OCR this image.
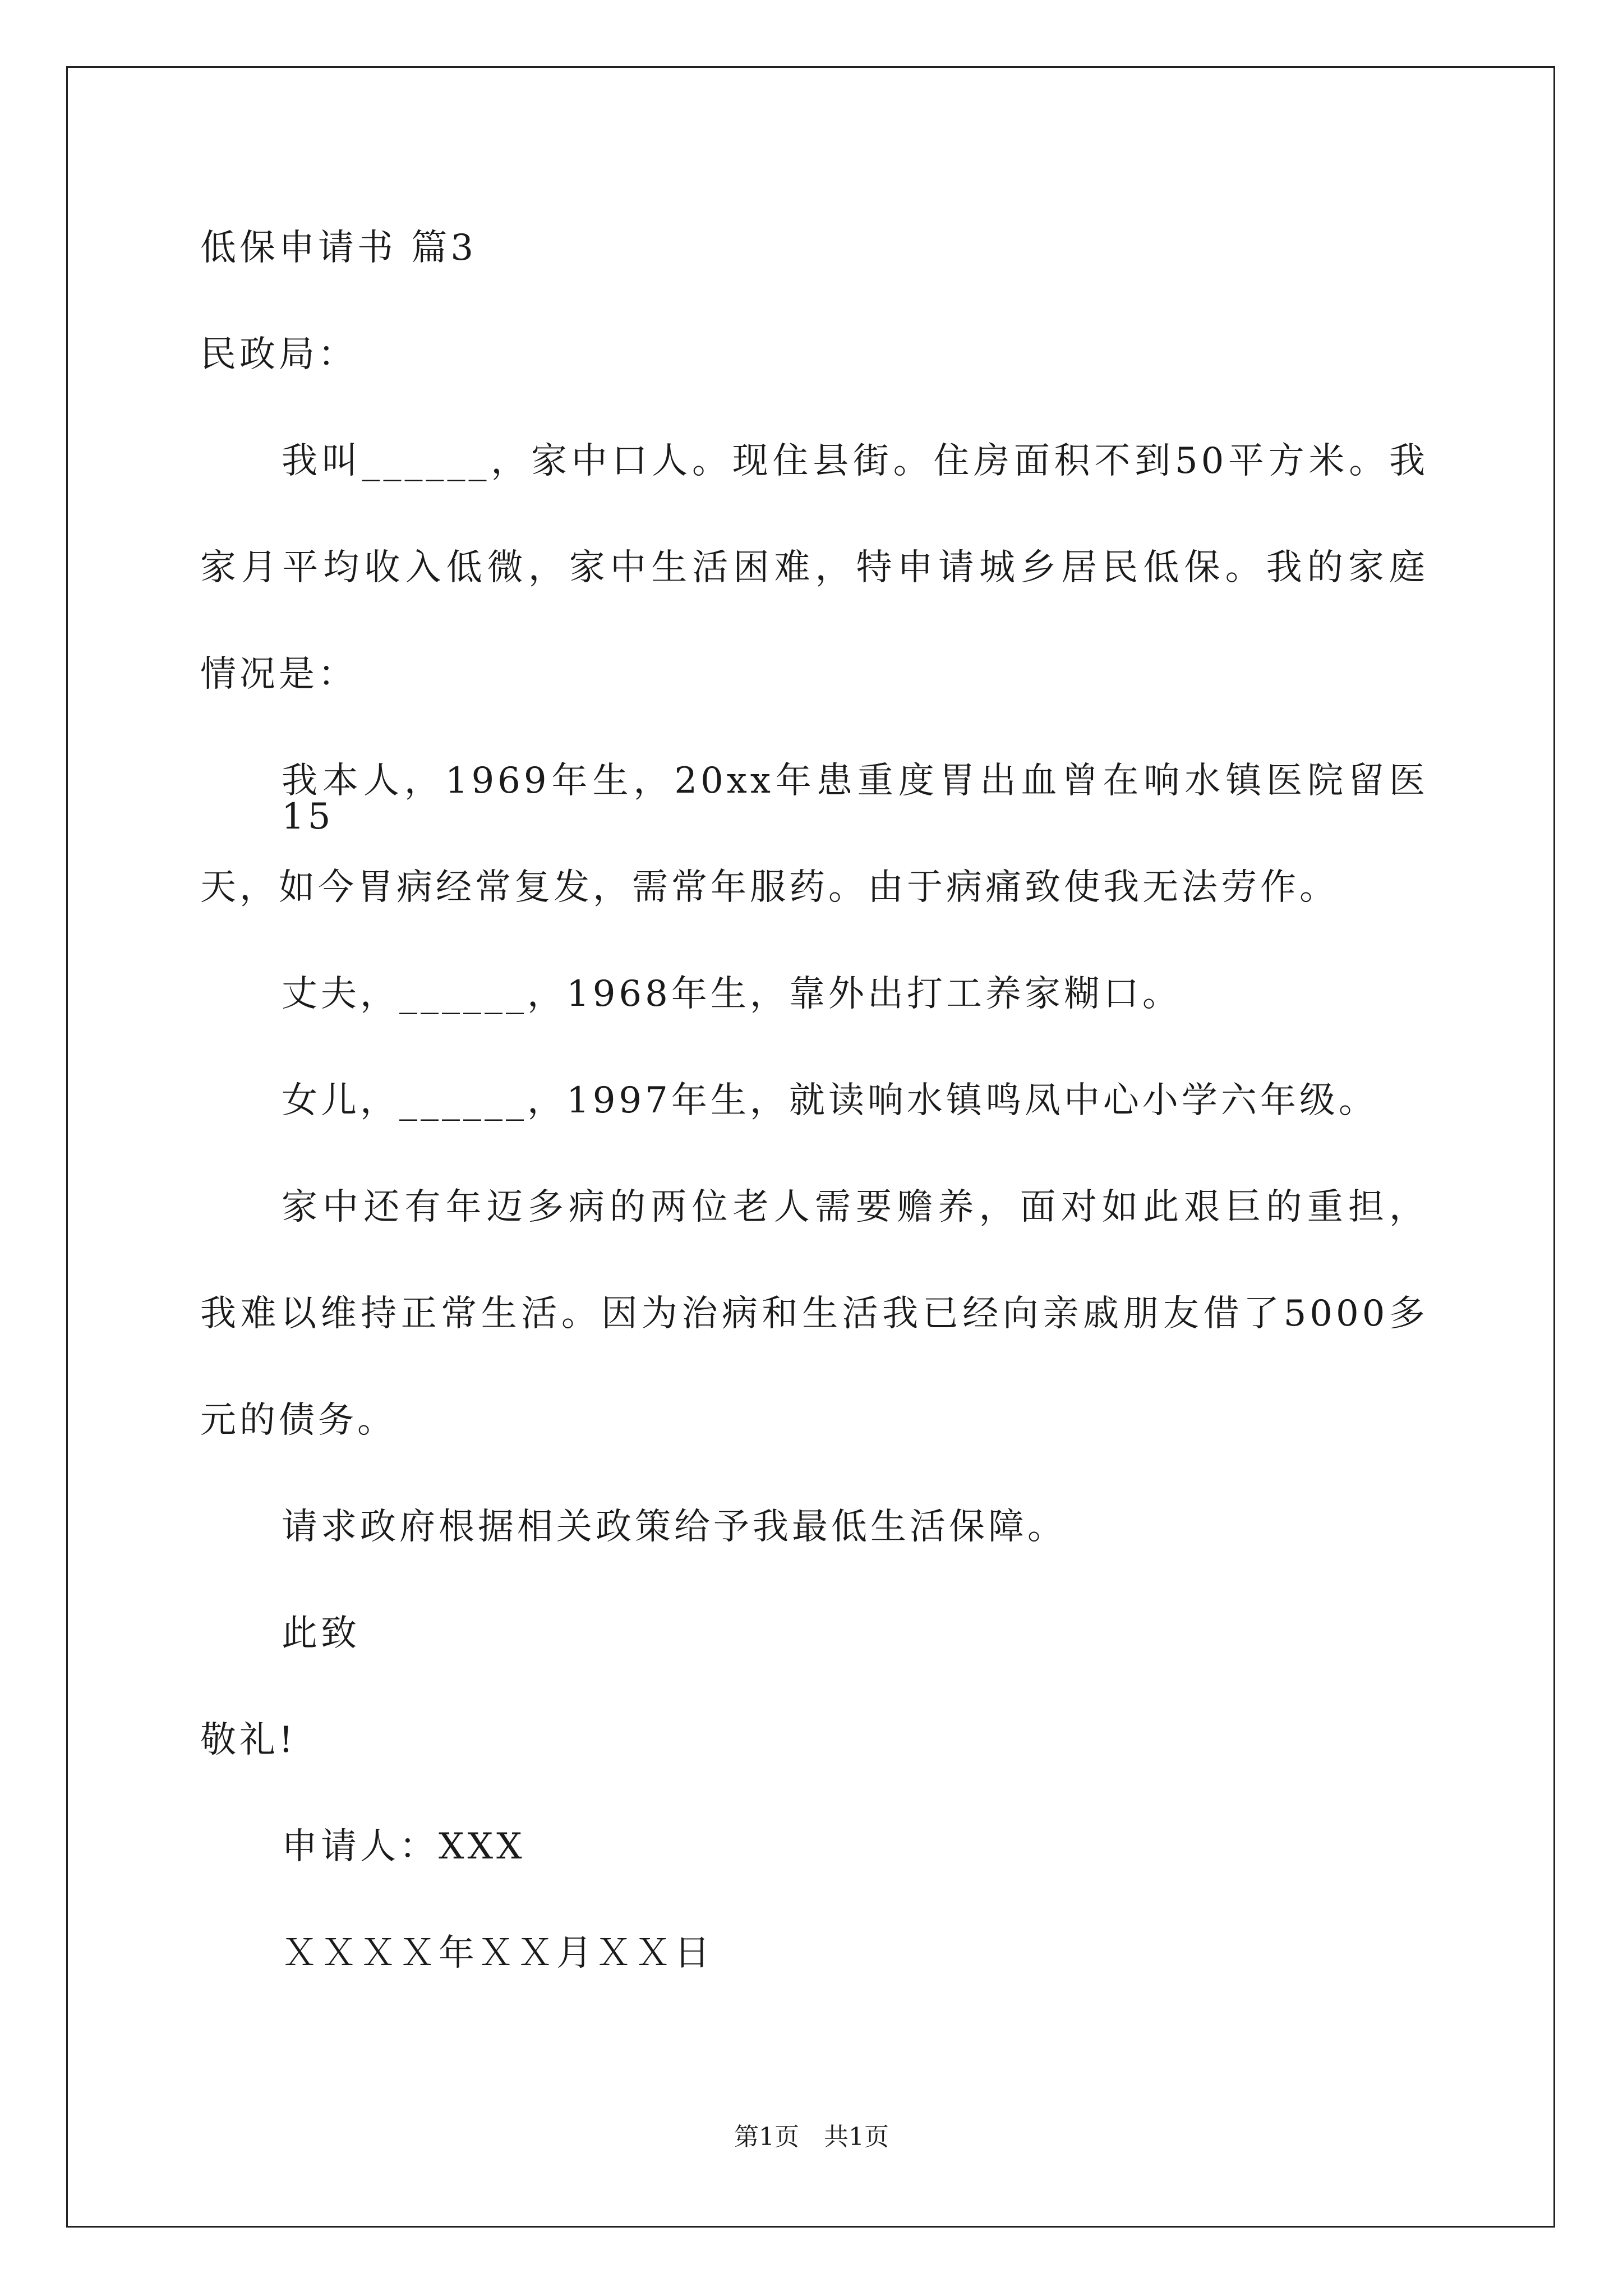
低保申请书 篇3
民政局：
我叫______，家中口人。现住县街。住房面积不到50平方米。我
家月平均收入低微，家中生活困难，特申请城乡居民低保。我的家庭
情况是：
我本人，1969年生，20xx年患重度胃出血曾在响水镇医院留医15
天，如今胃病经常复发，需常年服药。由于病痛致使我无法劳作。
丈夫，______，1968年生，靠外出打工养家糊口。
女儿，______，1997年生，就读响水镇鸣凤中心小学六年级。
家中还有年迈多病的两位老人需要赡养，面对如此艰巨的重担，
我难以维持正常生活。因为治病和生活我已经向亲戚朋友借了5000多
元的债务。
请求政府根据相关政策给予我最低生活保障。
此致
敬礼!
申请人：XXX
ＸＸＸＸ年ＸＸ月ＸＸ日
第1页　共1页
